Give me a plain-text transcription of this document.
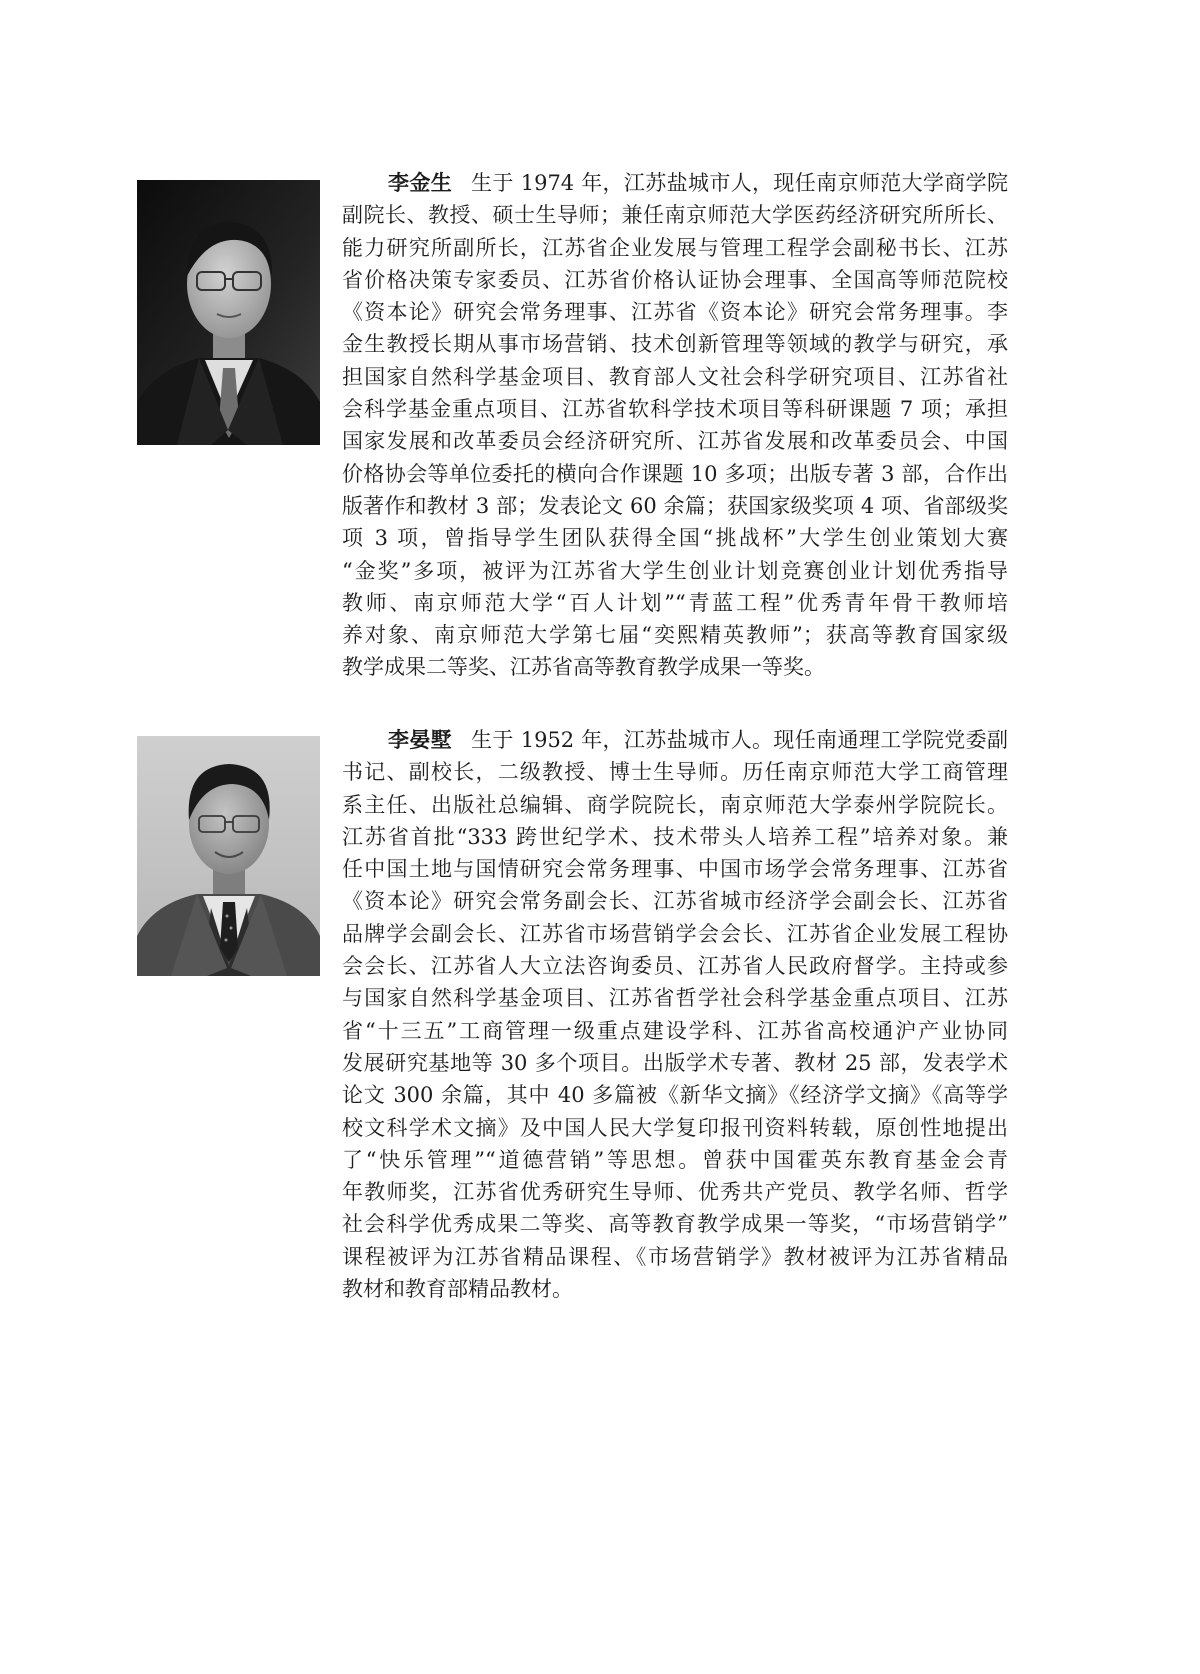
李金生 生于 1974 年，江苏盐城市人，现任南京师范大学商学院
副院长、教授、硕士生导师；兼任南京师范大学医药经济研究所所长、
能力研究所副所长，江苏省企业发展与管理工程学会副秘书长、江苏
省价格决策专家委员、江苏省价格认证协会理事、全国高等师范院校
《资本论》研究会常务理事、江苏省《资本论》研究会常务理事。李
金生教授长期从事市场营销、技术创新管理等领域的教学与研究，承
担国家自然科学基金项目、教育部人文社会科学研究项目、江苏省社
会科学基金重点项目、江苏省软科学技术项目等科研课题 7 项；承担
国家发展和改革委员会经济研究所、江苏省发展和改革委员会、中国
价格协会等单位委托的横向合作课题 10 多项；出版专著 3 部，合作出
版著作和教材 3 部；发表论文 60 余篇；获国家级奖项 4 项、省部级奖
项 3 项，曾指导学生团队获得全国“挑战杯”大学生创业策划大赛
“金奖”多项，被评为江苏省大学生创业计划竞赛创业计划优秀指导
教师、南京师范大学“百人计划”“青蓝工程”优秀青年骨干教师培
养对象、南京师范大学第七届“奕熙精英教师”；获高等教育国家级
教学成果二等奖、江苏省高等教育教学成果一等奖。
李晏墅 生于 1952 年，江苏盐城市人。现任南通理工学院党委副
书记、副校长，二级教授、博士生导师。历任南京师范大学工商管理
系主任、出版社总编辑、商学院院长，南京师范大学泰州学院院长。
江苏省首批“333 跨世纪学术、技术带头人培养工程”培养对象。兼
任中国土地与国情研究会常务理事、中国市场学会常务理事、江苏省
《资本论》研究会常务副会长、江苏省城市经济学会副会长、江苏省
品牌学会副会长、江苏省市场营销学会会长、江苏省企业发展工程协
会会长、江苏省人大立法咨询委员、江苏省人民政府督学。主持或参
与国家自然科学基金项目、江苏省哲学社会科学基金重点项目、江苏
省“十三五”工商管理一级重点建设学科、江苏省高校通沪产业协同
发展研究基地等 30 多个项目。出版学术专著、教材 25 部，发表学术
论文 300 余篇，其中 40 多篇被《新华文摘》《经济学文摘》《高等学
校文科学术文摘》及中国人民大学复印报刊资料转载，原创性地提出
了“快乐管理”“道德营销”等思想。曾获中国霍英东教育基金会青
年教师奖，江苏省优秀研究生导师、优秀共产党员、教学名师、哲学
社会科学优秀成果二等奖、高等教育教学成果一等奖，“市场营销学”
课程被评为江苏省精品课程、《市场营销学》教材被评为江苏省精品
教材和教育部精品教材。
